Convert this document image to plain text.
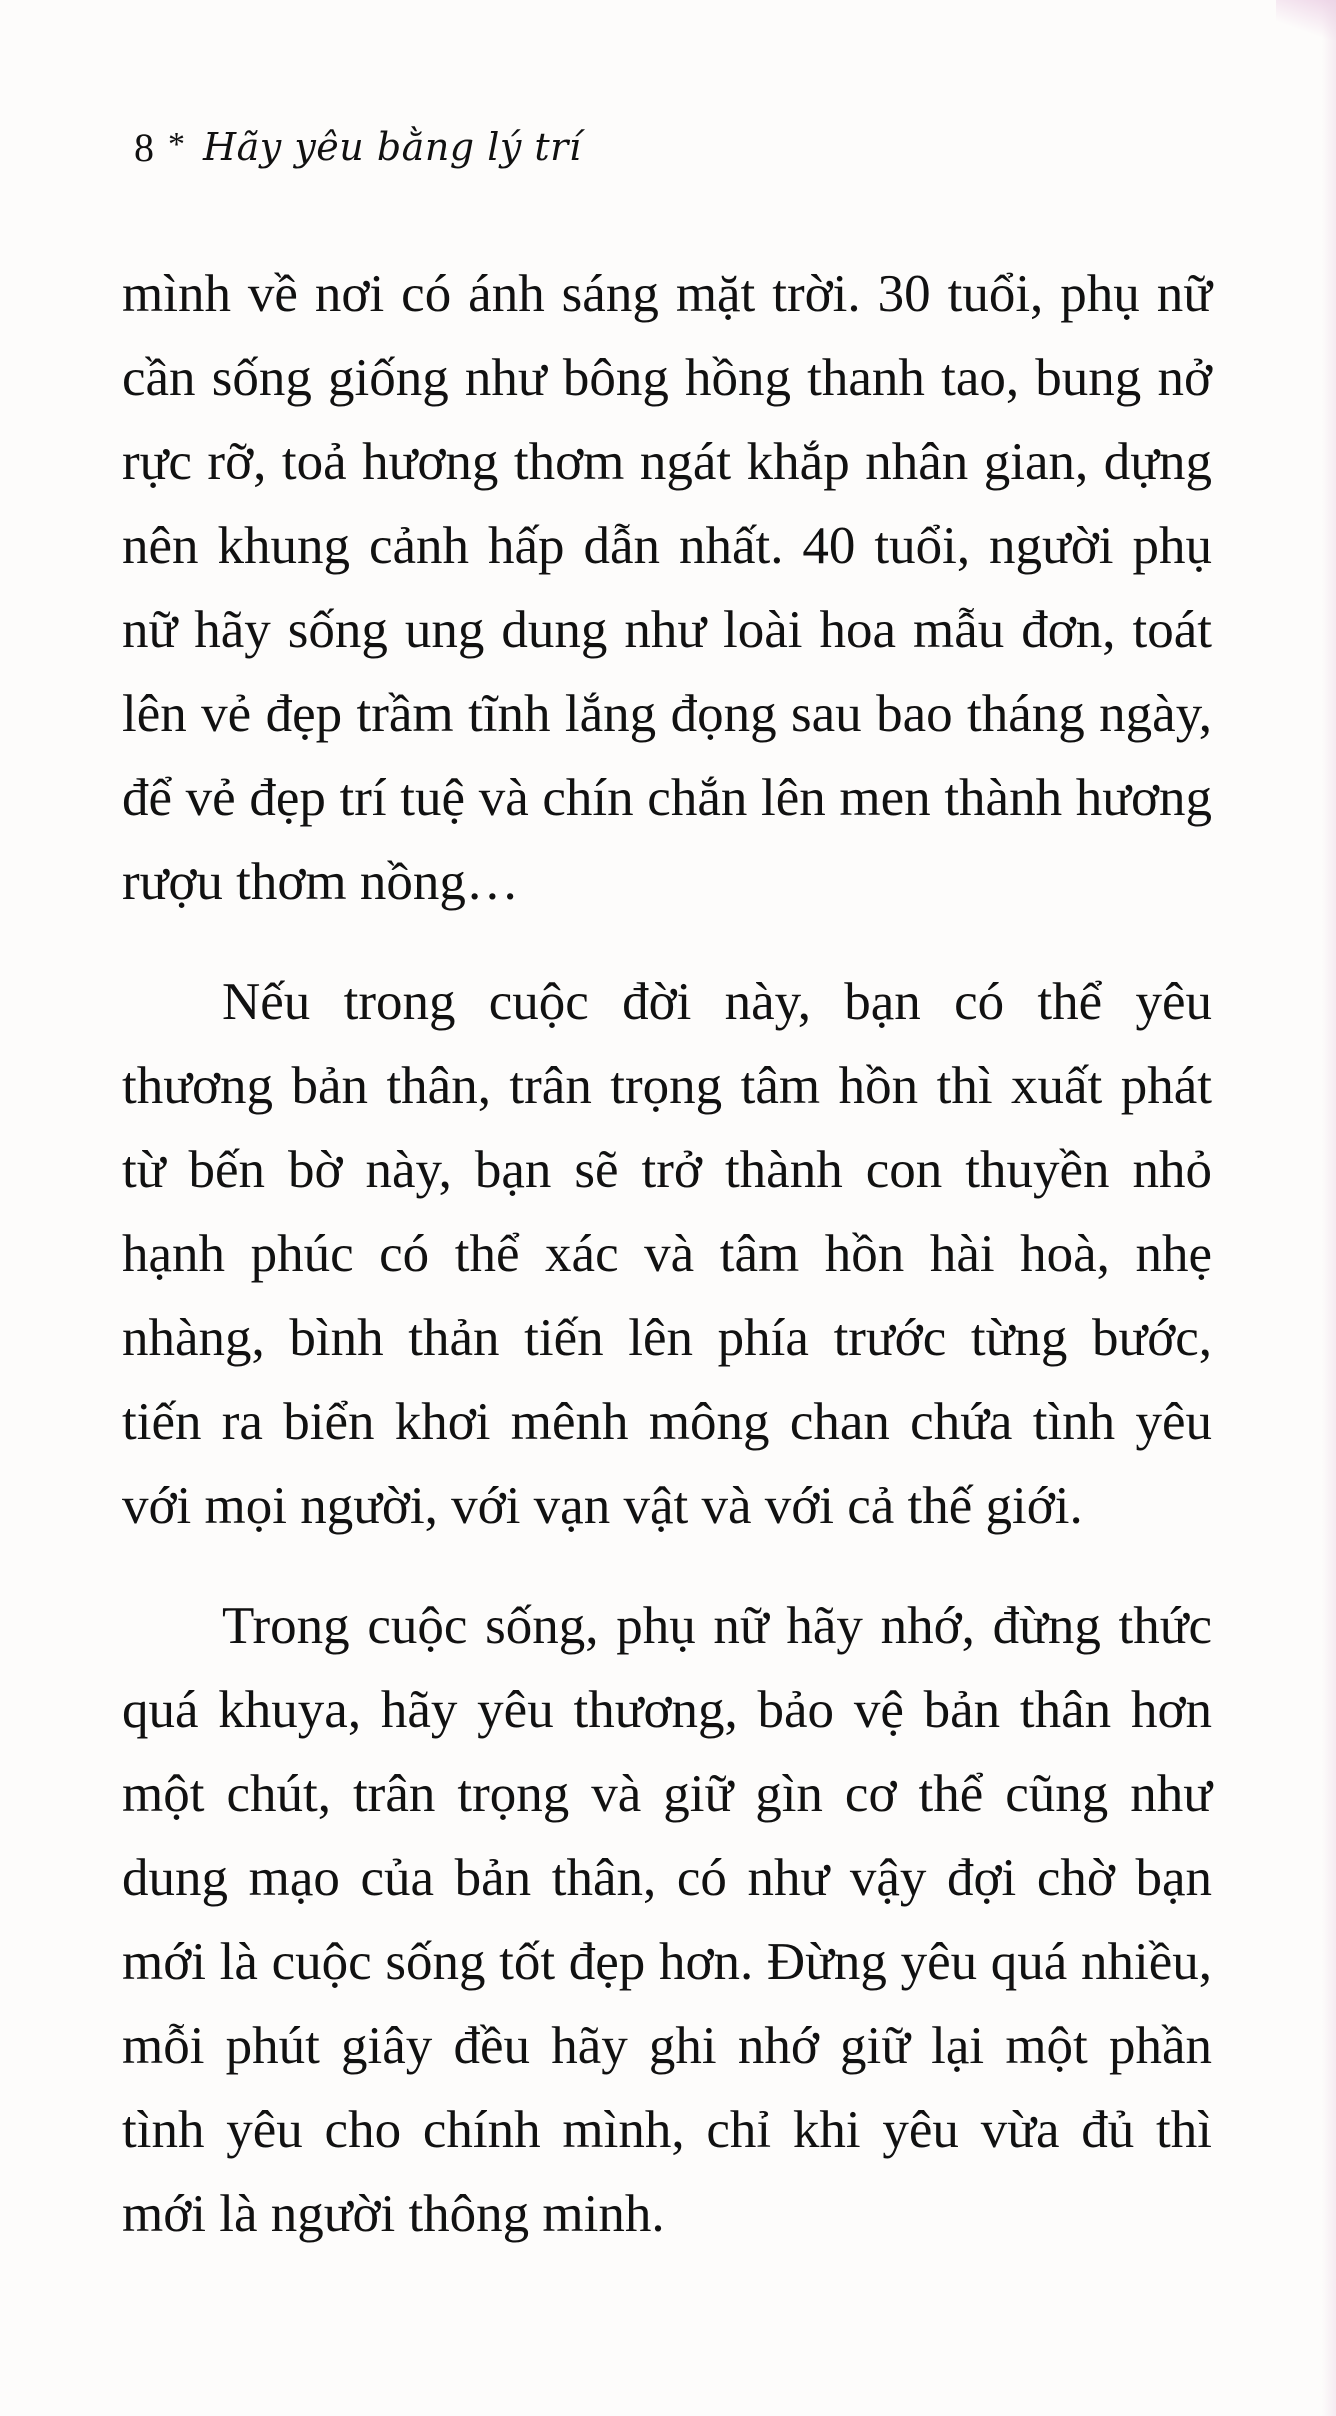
8 * Hãy yêu bằng lý trí

mình về nơi có ánh sáng mặt trời. 30 tuổi, phụ nữ cần sống giống như bông hồng thanh tao, bung nở rực rỡ, toả hương thơm ngát khắp nhân gian, dựng nên khung cảnh hấp dẫn nhất. 40 tuổi, người phụ nữ hãy sống ung dung như loài hoa mẫu đơn, toát lên vẻ đẹp trầm tĩnh lắng đọng sau bao tháng ngày, để vẻ đẹp trí tuệ và chín chắn lên men thành hương rượu thơm nồng…

Nếu trong cuộc đời này, bạn có thể yêu thương bản thân, trân trọng tâm hồn thì xuất phát từ bến bờ này, bạn sẽ trở thành con thuyền nhỏ hạnh phúc có thể xác và tâm hồn hài hoà, nhẹ nhàng, bình thản tiến lên phía trước từng bước, tiến ra biển khơi mênh mông chan chứa tình yêu với mọi người, với vạn vật và với cả thế giới.

Trong cuộc sống, phụ nữ hãy nhớ, đừng thức quá khuya, hãy yêu thương, bảo vệ bản thân hơn một chút, trân trọng và giữ gìn cơ thể cũng như dung mạo của bản thân, có như vậy đợi chờ bạn mới là cuộc sống tốt đẹp hơn. Đừng yêu quá nhiều, mỗi phút giây đều hãy ghi nhớ giữ lại một phần tình yêu cho chính mình, chỉ khi yêu vừa đủ thì mới là người thông minh.
